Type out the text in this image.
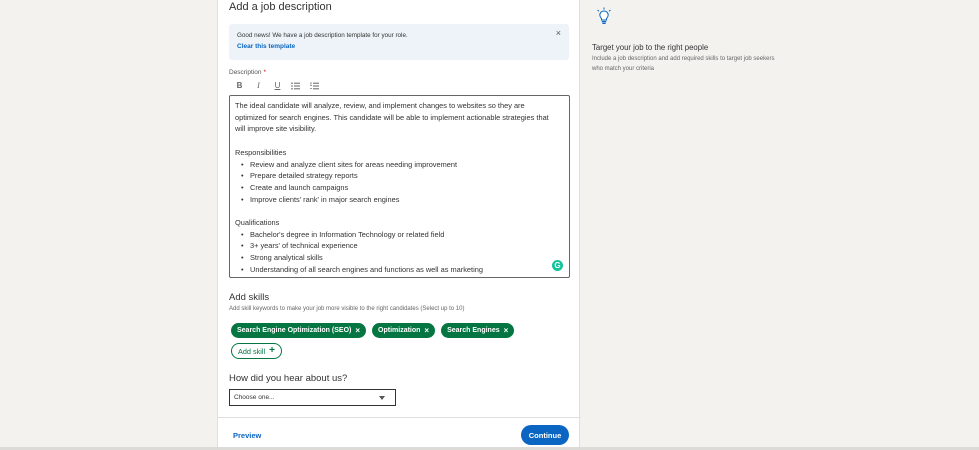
Add a job description
Good news! We have a job description template for your role.
Clear this template
×
Description *
B	I	U

The ideal candidate will analyze, review, and implement changes to websites so they are

optimized for search engines. This candidate will be able to implement actionable strategies that

will improve site visibility.

Responsibilities

• Review and analyze client sites for areas needing improvement
• Prepare detailed strategy reports
• Create and launch campaigns
• Improve clients' rank' in major search engines

Qualifications

• Bachelor's degree in Information Technology or related field
• 3+ years' of technical experience
• Strong analytical skills
• Understanding of all search engines and functions as well as marketing	G
Add skills
Add skill keywords to make your job more visible to the right candidates (Select up to 10)
Search Engine Optimization (SEO) ×	Optimization ×	Search Engines ×
Add skill +
How did you hear about us?
Choose one...
Preview	Continue
Target your job to the right people
Include a job description and add required skills to target job seekers who match your criteria
